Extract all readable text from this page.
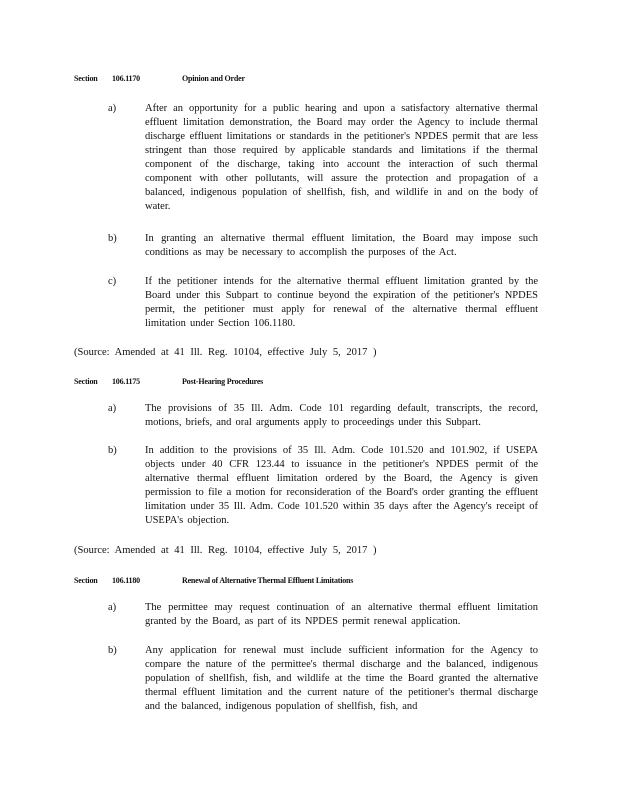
Section 106.1170	Opinion and Order
a)	After an opportunity for a public hearing and upon a satisfactory alternative thermal effluent limitation demonstration, the Board may order the Agency to include thermal discharge effluent limitations or standards in the petitioner's NPDES permit that are less stringent than those required by applicable standards and limitations if the thermal component of the discharge, taking into account the interaction of such thermal component with other pollutants, will assure the protection and propagation of a balanced, indigenous population of shellfish, fish, and wildlife in and on the body of water.
b)	In granting an alternative thermal effluent limitation, the Board may impose such conditions as may be necessary to accomplish the purposes of the Act.
c)	If the petitioner intends for the alternative thermal effluent limitation granted by the Board under this Subpart to continue beyond the expiration of the petitioner's NPDES permit, the petitioner must apply for renewal of the alternative thermal effluent limitation under Section 106.1180.
(Source: Amended at 41 Ill. Reg. 10104, effective July 5, 2017 )
Section 106.1175	Post-Hearing Procedures
a)	The provisions of 35 Ill. Adm. Code 101 regarding default, transcripts, the record, motions, briefs, and oral arguments apply to proceedings under this Subpart.
b)	In addition to the provisions of 35 Ill. Adm. Code 101.520 and 101.902, if USEPA objects under 40 CFR 123.44 to issuance in the petitioner's NPDES permit of the alternative thermal effluent limitation ordered by the Board, the Agency is given permission to file a motion for reconsideration of the Board's order granting the effluent limitation under 35 Ill. Adm. Code 101.520 within 35 days after the Agency's receipt of USEPA's objection.
(Source: Amended at 41 Ill. Reg. 10104, effective July 5, 2017 )
Section 106.1180	Renewal of Alternative Thermal Effluent Limitations
a)	The permittee may request continuation of an alternative thermal effluent limitation granted by the Board, as part of its NPDES permit renewal application.
b)	Any application for renewal must include sufficient information for the Agency to compare the nature of the permittee's thermal discharge and the balanced, indigenous population of shellfish, fish, and wildlife at the time the Board granted the alternative thermal effluent limitation and the current nature of the petitioner's thermal discharge and the balanced, indigenous population of shellfish, fish, and
